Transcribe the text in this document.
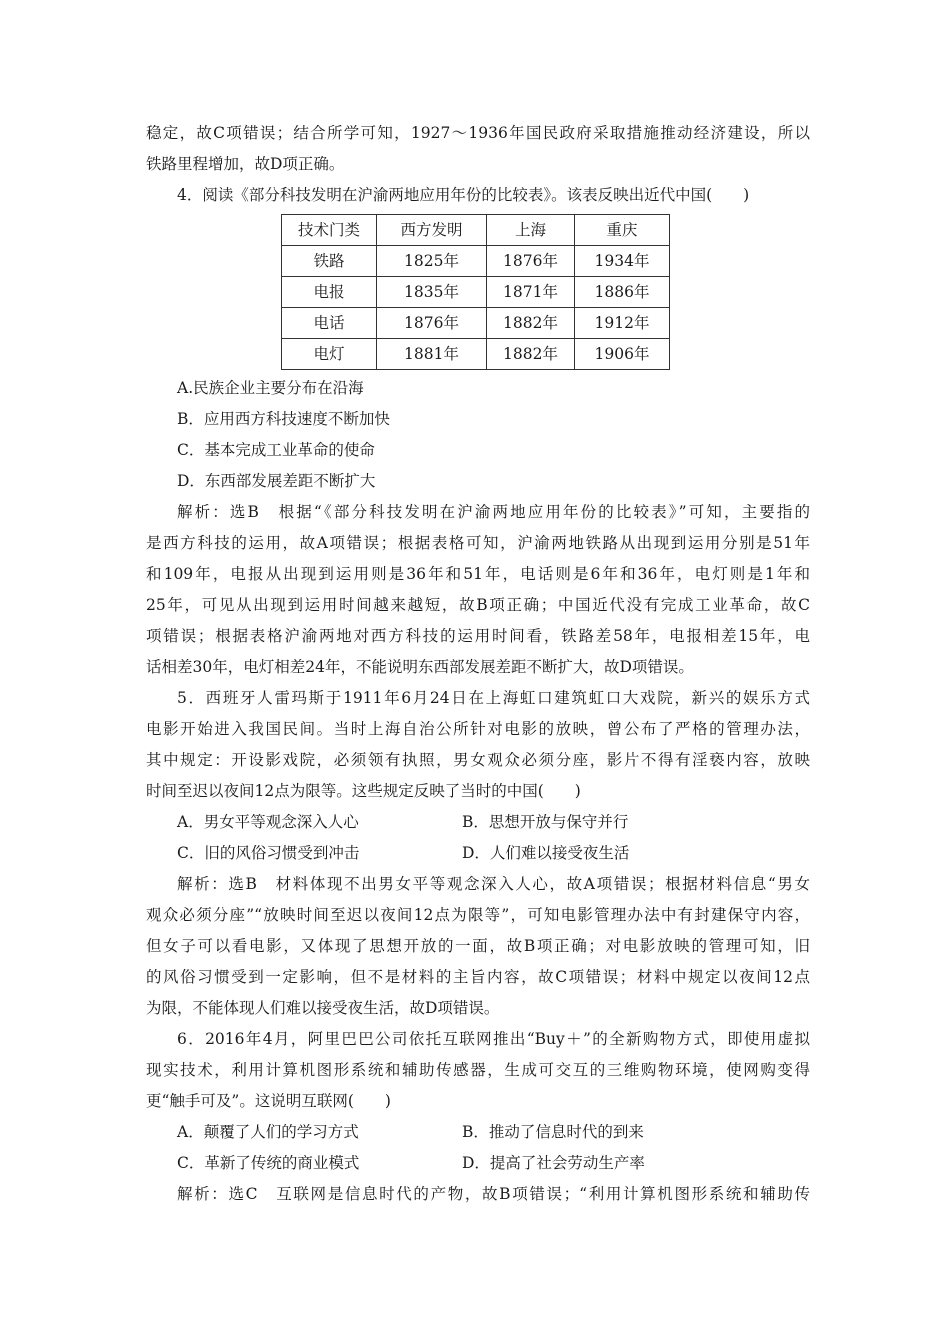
稳定，故C项错误；结合所学可知，1927～1936年国民政府采取措施推动经济建设，所以

铁路里程增加，故D项正确。

4．阅读《部分科技发明在沪渝两地应用年份的比较表》。该表反映出近代中国(　　)

技术门类	西方发明	上海	重庆
铁路	1825年	1876年	1934年
电报	1835年	1871年	1886年
电话	1876年	1882年	1912年
电灯	1881年	1882年	1906年

A.民族企业主要分布在沿海

B．应用西方科技速度不断加快

C．基本完成工业革命的使命

D．东西部发展差距不断扩大

解析：选B　根据“《部分科技发明在沪渝两地应用年份的比较表》”可知，主要指的

是西方科技的运用，故A项错误；根据表格可知，沪渝两地铁路从出现到运用分别是51年

和109年，电报从出现到运用则是36年和51年，电话则是6年和36年，电灯则是1年和

25年，可见从出现到运用时间越来越短，故B项正确；中国近代没有完成工业革命，故C

项错误；根据表格沪渝两地对西方科技的运用时间看，铁路差58年，电报相差15年，电

话相差30年，电灯相差24年，不能说明东西部发展差距不断扩大，故D项错误。

5．西班牙人雷玛斯于1911年6月24日在上海虹口建筑虹口大戏院，新兴的娱乐方式

电影开始进入我国民间。当时上海自治公所针对电影的放映，曾公布了严格的管理办法，

其中规定：开设影戏院，必须领有执照，男女观众必须分座，影片不得有淫亵内容，放映

时间至迟以夜间12点为限等。这些规定反映了当时的中国(　　)

A．男女平等观念深入人心	B．思想开放与保守并行
C．旧的风俗习惯受到冲击	D．人们难以接受夜生活

解析：选B　材料体现不出男女平等观念深入人心，故A项错误；根据材料信息“男女

观众必须分座”“放映时间至迟以夜间12点为限等”，可知电影管理办法中有封建保守内容，

但女子可以看电影，又体现了思想开放的一面，故B项正确；对电影放映的管理可知，旧

的风俗习惯受到一定影响，但不是材料的主旨内容，故C项错误；材料中规定以夜间12点

为限，不能体现人们难以接受夜生活，故D项错误。

6．2016年4月，阿里巴巴公司依托互联网推出“Buy＋”的全新购物方式，即使用虚拟

现实技术，利用计算机图形系统和辅助传感器，生成可交互的三维购物环境，使网购变得

更“触手可及”。这说明互联网(　　)

A．颠覆了人们的学习方式	B．推动了信息时代的到来
C．革新了传统的商业模式	D．提高了社会劳动生产率

解析：选C　互联网是信息时代的产物，故B项错误；“利用计算机图形系统和辅助传
